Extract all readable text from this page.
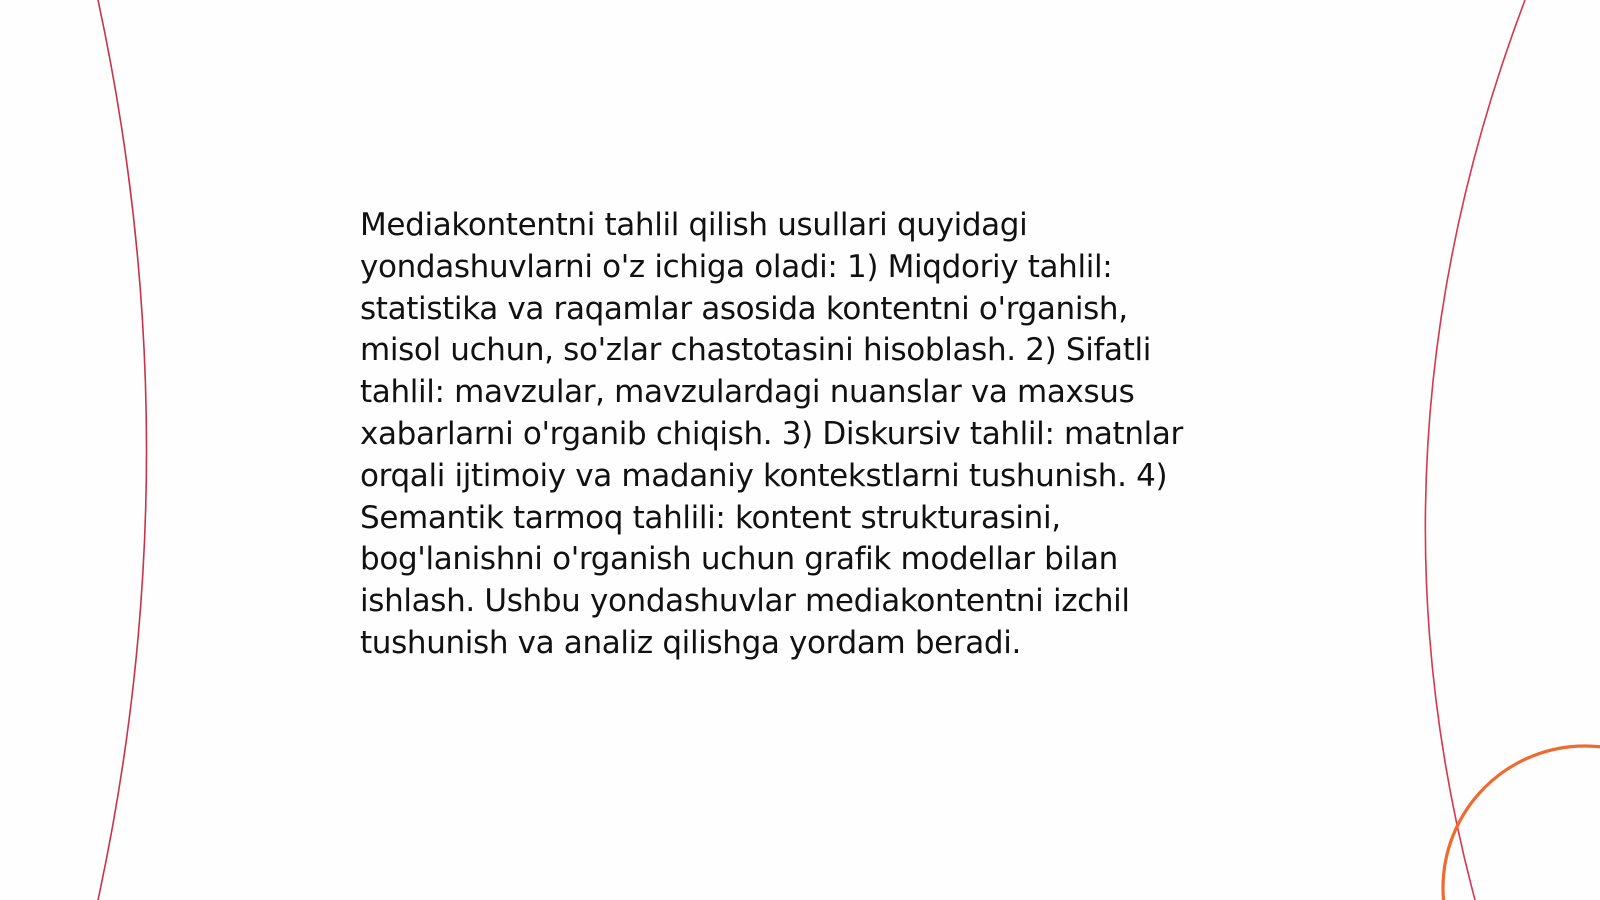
Mediakontentni tahlil qilish usullari quyidagi
yondashuvlarni o'z ichiga oladi: 1) Miqdoriy tahlil:
statistika va raqamlar asosida kontentni o'rganish,
misol uchun, so'zlar chastotasini hisoblash. 2) Sifatli
tahlil: mavzular, mavzulardagi nuanslar va maxsus
xabarlarni o'rganib chiqish. 3) Diskursiv tahlil: matnlar
orqali ijtimoiy va madaniy kontekstlarni tushunish. 4)
Semantik tarmoq tahlili: kontent strukturasini,
bog'lanishni o'rganish uchun grafik modellar bilan
ishlash. Ushbu yondashuvlar mediakontentni izchil
tushunish va analiz qilishga yordam beradi.
